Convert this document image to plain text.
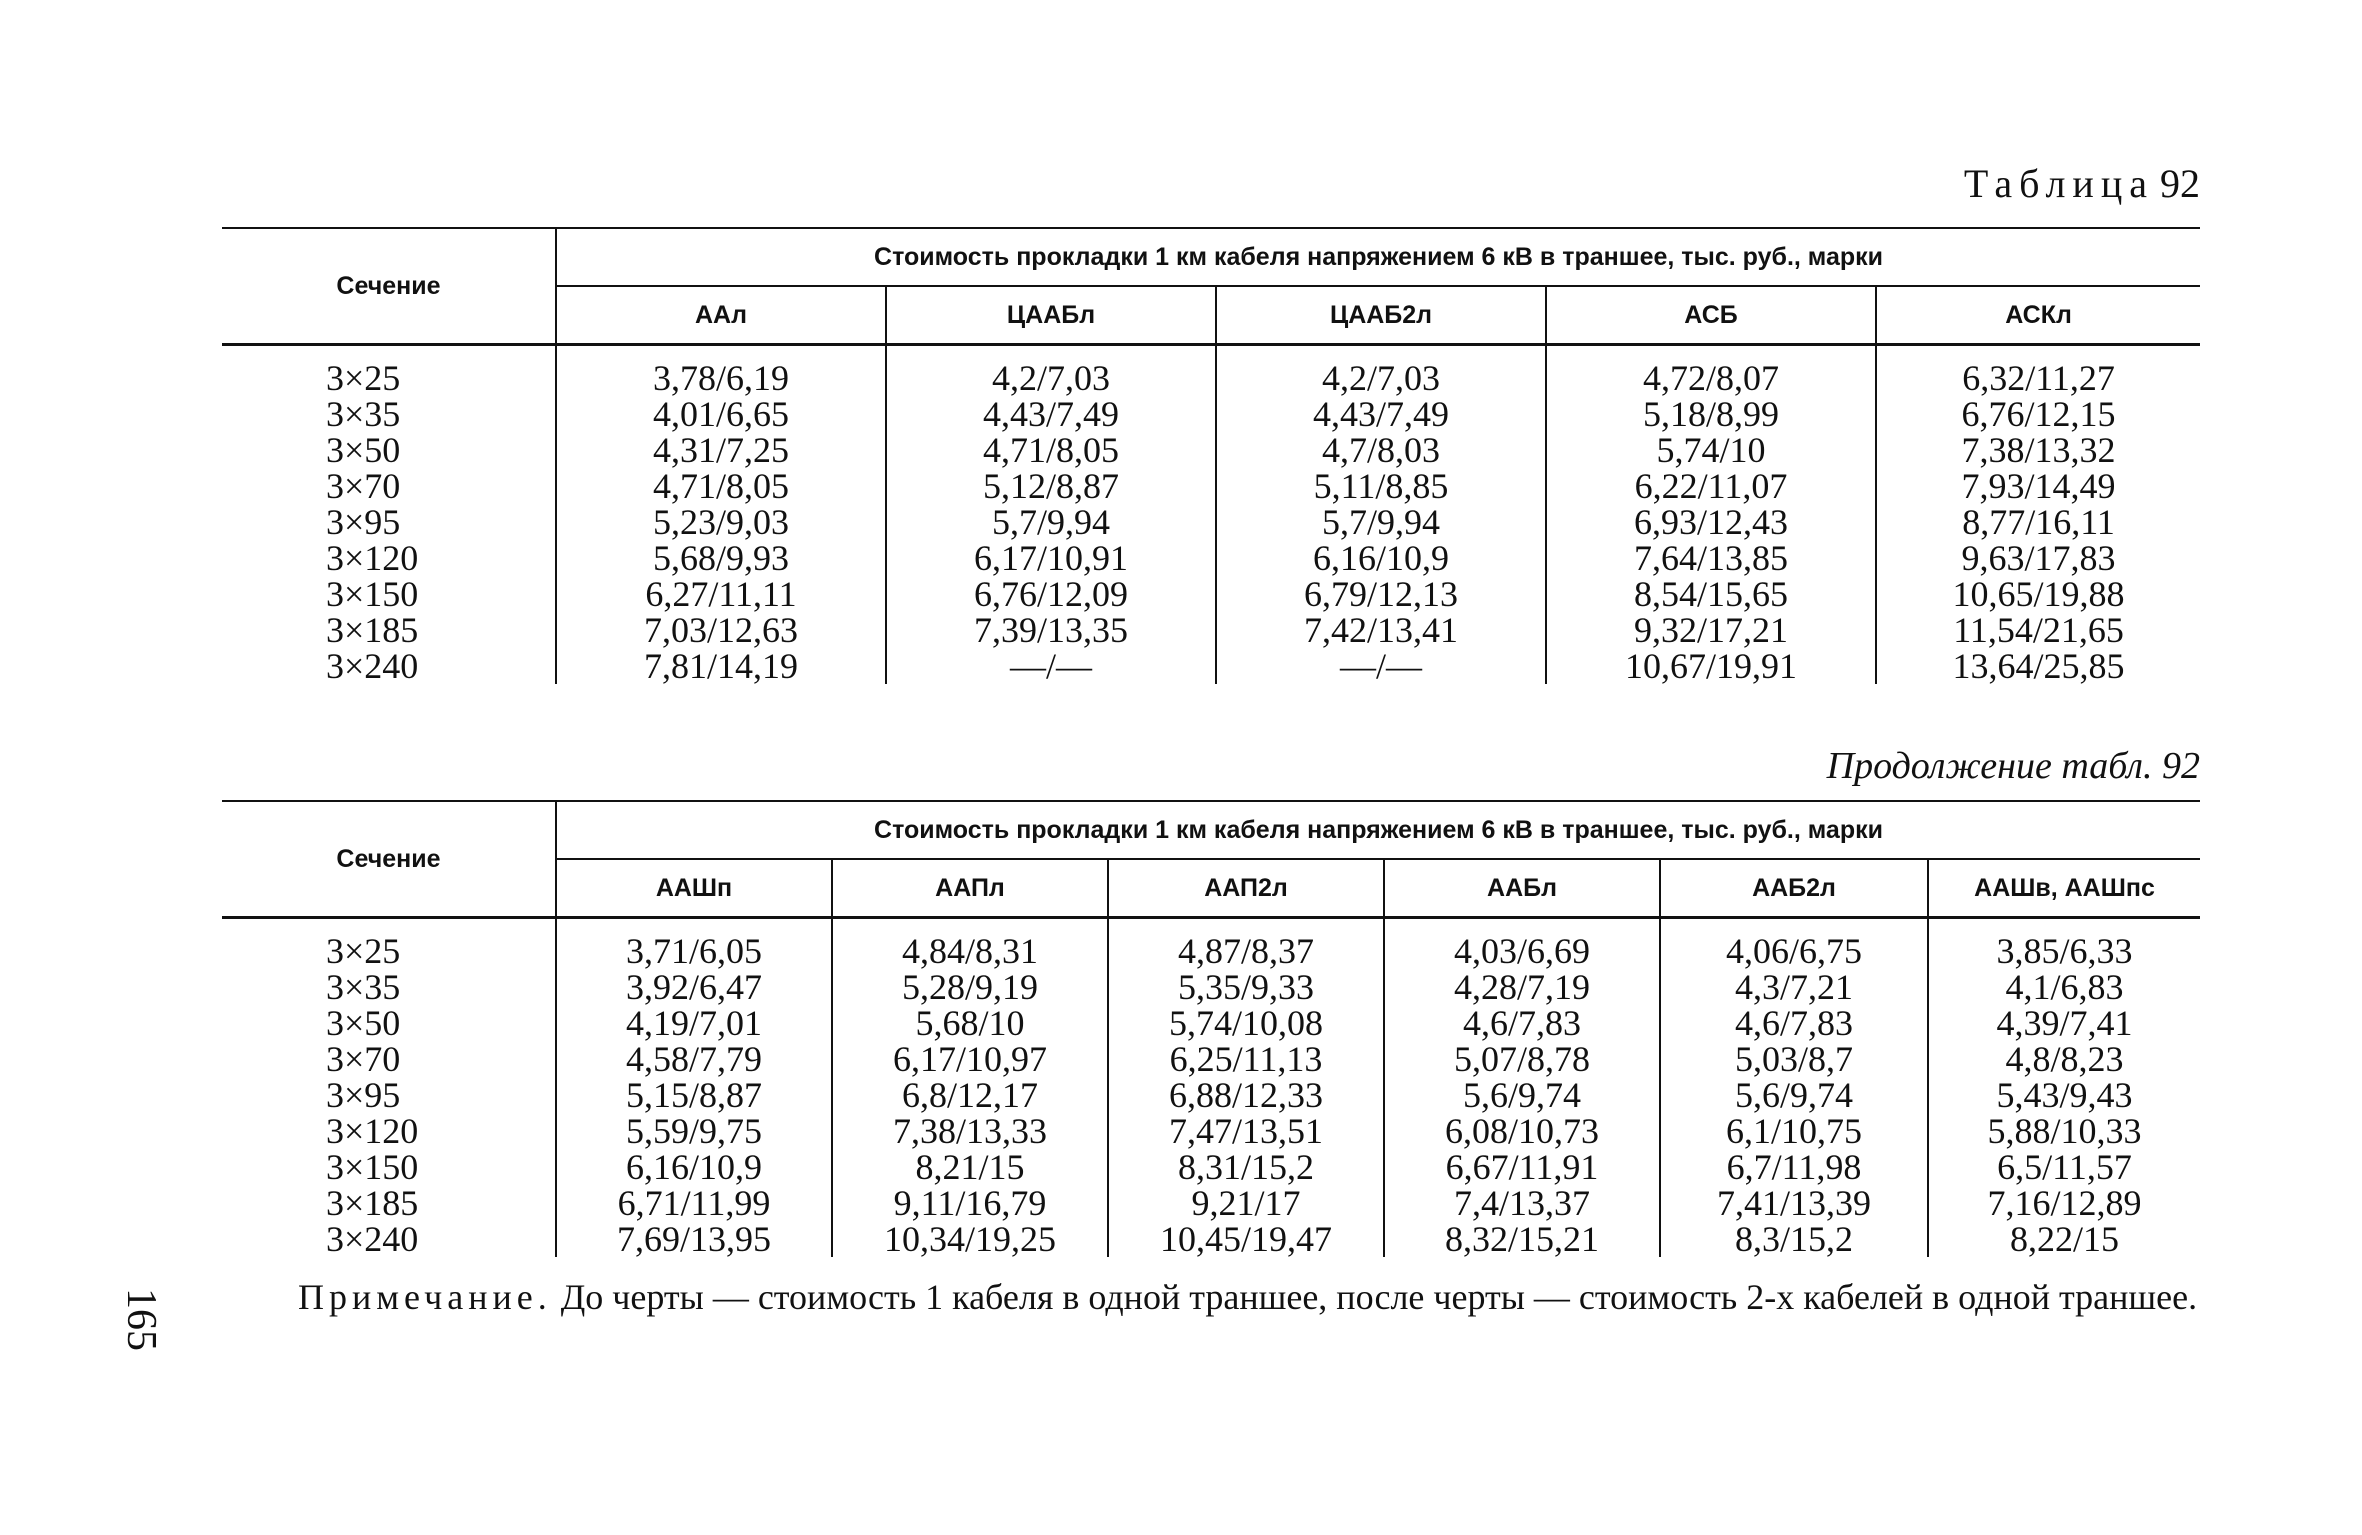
Таблица 92
Сечение	Стоимость прокладки 1 км кабеля напряжением 6 кВ в траншее, тыс. руб., марки				
	ААл	ЦААБл	ЦААБ2л	АСБ	АСКл

3×25	3,78/6,19	4,2/7,03	4,2/7,03	4,72/8,07	6,32/11,27
3×35	4,01/6,65	4,43/7,49	4,43/7,49	5,18/8,99	6,76/12,15
3×50	4,31/7,25	4,71/8,05	4,7/8,03	5,74/10	7,38/13,32
3×70	4,71/8,05	5,12/8,87	5,11/8,85	6,22/11,07	7,93/14,49
3×95	5,23/9,03	5,7/9,94	5,7/9,94	6,93/12,43	8,77/16,11
3×120	5,68/9,93	6,17/10,91	6,16/10,9	7,64/13,85	9,63/17,83
3×150	6,27/11,11	6,76/12,09	6,79/12,13	8,54/15,65	10,65/19,88
3×185	7,03/12,63	7,39/13,35	7,42/13,41	9,32/17,21	11,54/21,65
3×240	7,81/14,19	—/—	—/—	10,67/19,91	13,64/25,85
Продолжение табл. 92
Сечение	Стоимость прокладки 1 км кабеля напряжением 6 кВ в траншее, тыс. руб., марки					
	ААШп	ААПл	ААП2л	ААБл	ААБ2л	ААШв, ААШпс

3×25	3,71/6,05	4,84/8,31	4,87/8,37	4,03/6,69	4,06/6,75	3,85/6,33
3×35	3,92/6,47	5,28/9,19	5,35/9,33	4,28/7,19	4,3/7,21	4,1/6,83
3×50	4,19/7,01	5,68/10	5,74/10,08	4,6/7,83	4,6/7,83	4,39/7,41
3×70	4,58/7,79	6,17/10,97	6,25/11,13	5,07/8,78	5,03/8,7	4,8/8,23
3×95	5,15/8,87	6,8/12,17	6,88/12,33	5,6/9,74	5,6/9,74	5,43/9,43
3×120	5,59/9,75	7,38/13,33	7,47/13,51	6,08/10,73	6,1/10,75	5,88/10,33
3×150	6,16/10,9	8,21/15	8,31/15,2	6,67/11,91	6,7/11,98	6,5/11,57
3×185	6,71/11,99	9,11/16,79	9,21/17	7,4/13,37	7,41/13,39	7,16/12,89
3×240	7,69/13,95	10,34/19,25	10,45/19,47	8,32/15,21	8,3/15,2	8,22/15
Примечание. До черты — стоимость 1 кабеля в одной траншее, после черты — стоимость 2-х кабелей в одной траншее.
165
